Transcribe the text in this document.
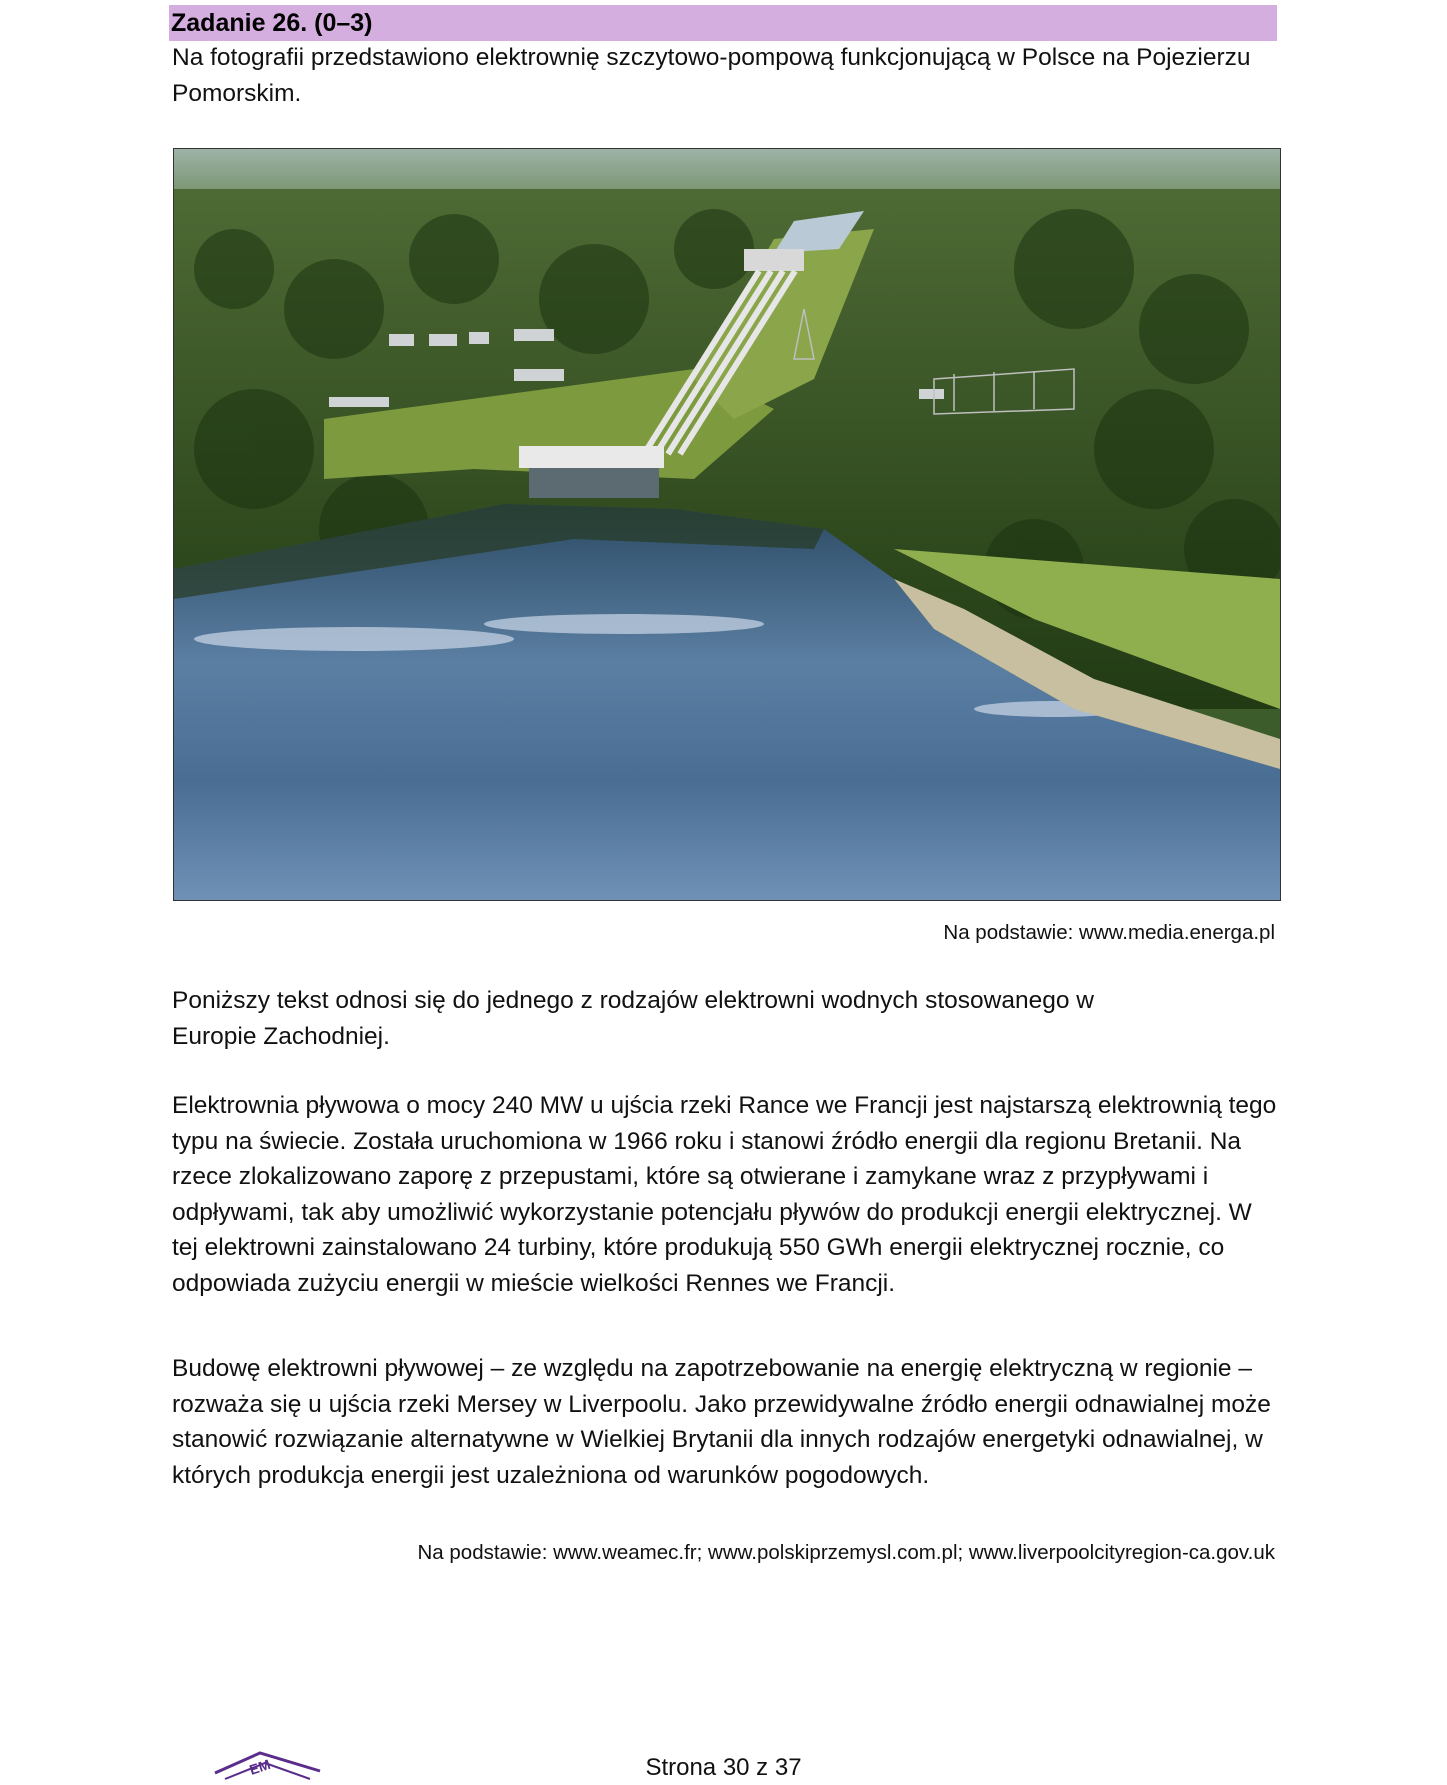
Zadanie 26. (0–3)

Na fotografii przedstawiono elektrownię szczytowo-pompową funkcjonującą w Polsce na Pojezierzu Pomorskim.

Na podstawie: www.media.energa.pl

Poniższy tekst odnosi się do jednego z rodzajów elektrowni wodnych stosowanego w Europie Zachodniej.

Elektrownia pływowa o mocy 240 MW u ujścia rzeki Rance we Francji jest najstarszą elektrownią tego typu na świecie. Została uruchomiona w 1966 roku i stanowi źródło energii dla regionu Bretanii. Na rzece zlokalizowano zaporę z przepustami, które są otwierane i zamykane wraz z przypływami i odpływami, tak aby umożliwić wykorzystanie potencjału pływów do produkcji energii elektrycznej. W tej elektrowni zainstalowano 24 turbiny, które produkują 550 GWh energii elektrycznej rocznie, co odpowiada zużyciu energii w mieście wielkości Rennes we Francji.

Budowę elektrowni pływowej – ze względu na zapotrzebowanie na energię elektryczną w regionie – rozważa się u ujścia rzeki Mersey w Liverpoolu. Jako przewidywalne źródło energii odnawialnej może stanowić rozwiązanie alternatywne w Wielkiej Brytanii dla innych rodzajów energetyki odnawialnej, w których produkcja energii jest uzależniona od warunków pogodowych.

Na podstawie: www.weamec.fr; www.polskiprzemysl.com.pl; www.liverpoolcityregion-ca.gov.uk
EM	Strona 30 z 37
